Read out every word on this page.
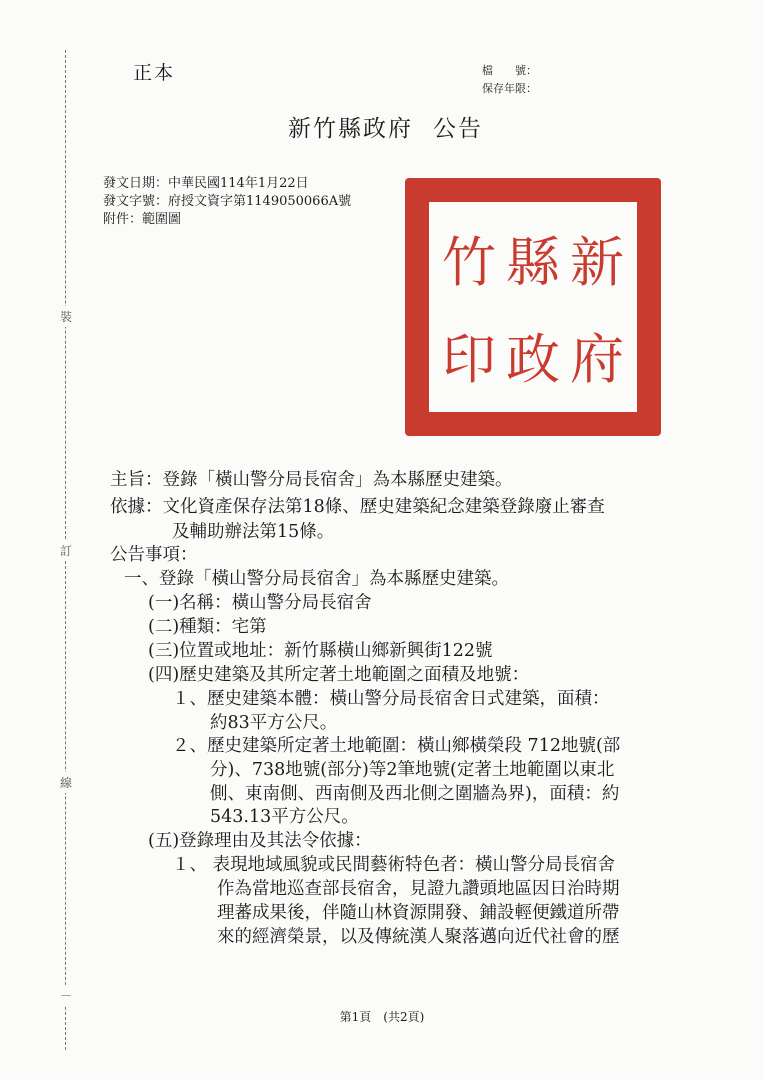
裝
訂
線
－
正本	檔　　號：
保存年限：
新竹縣政府 公告
發文日期：中華民國114年1月22日
發文字號：府授文資字第1149050066A號
附件：範圍圖
竹 縣 新
印 政 府
主旨：登錄「橫山警分局長宿舍」為本縣歷史建築。
依據：文化資產保存法第18條、歷史建築紀念建築登錄廢止審查
及輔助辦法第15條。
公告事項：
一、登錄「橫山警分局長宿舍」為本縣歷史建築。
(一)名稱：橫山警分局長宿舍
(二)種類：宅第
(三)位置或地址：新竹縣橫山鄉新興街122號
(四)歷史建築及其所定著土地範圍之面積及地號：
１、歷史建築本體：橫山警分局長宿舍日式建築，面積：
約83平方公尺。
２、歷史建築所定著土地範圍：橫山鄉橫榮段 712地號(部
分)、738地號(部分)等2筆地號(定著土地範圍以東北
側、東南側、西南側及西北側之圍牆為界)，面積：約
543.13平方公尺。
(五)登錄理由及其法令依據：
１、 表現地域風貌或民間藝術特色者：橫山警分局長宿舍
作為當地巡查部長宿舍，見證九讚頭地區因日治時期
理蕃成果後，伴隨山林資源開發、鋪設輕便鐵道所帶
來的經濟榮景，以及傳統漢人聚落邁向近代社會的歷
第1頁　(共2頁)
